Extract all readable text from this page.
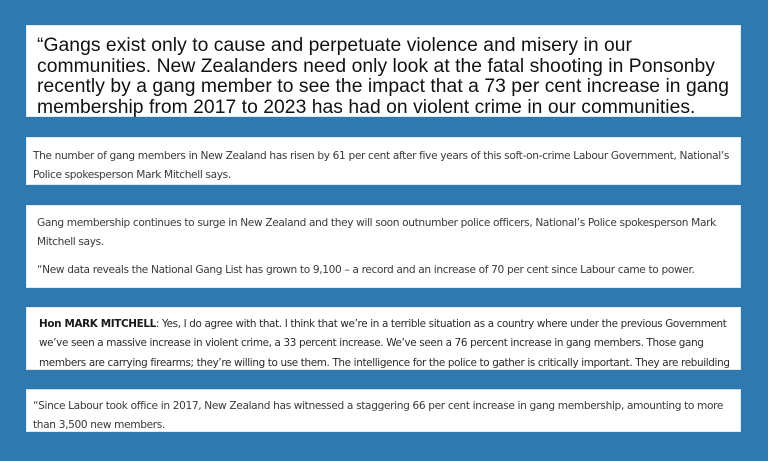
“Gangs exist only to cause and perpetuate violence and misery in our communities. New Zealanders need only look at the fatal shooting in Ponsonby recently by a gang member to see the impact that a 73 per cent increase in gang membership from 2017 to 2023 has had on violent crime in our communities.

The number of gang members in New Zealand has risen by 61 per cent after five years of this soft-on-crime Labour Government, National’s Police spokesperson Mark Mitchell says.

Gang membership continues to surge in New Zealand and they will soon outnumber police officers, National’s Police spokesperson Mark Mitchell says.

“New data reveals the National Gang List has grown to 9,100 – a record and an increase of 70 per cent since Labour came to power.

Hon MARK MITCHELL: Yes, I do agree with that. I think that we’re in a terrible situation as a country where under the previous Government we’ve seen a massive increase in violent crime, a 33 percent increase. We’ve seen a 76 percent increase in gang members. Those gang members are carrying firearms; they’re willing to use them. The intelligence for the police to gather is critically important. They are rebuilding

“Since Labour took office in 2017, New Zealand has witnessed a staggering 66 per cent increase in gang membership, amounting to more than 3,500 new members.
